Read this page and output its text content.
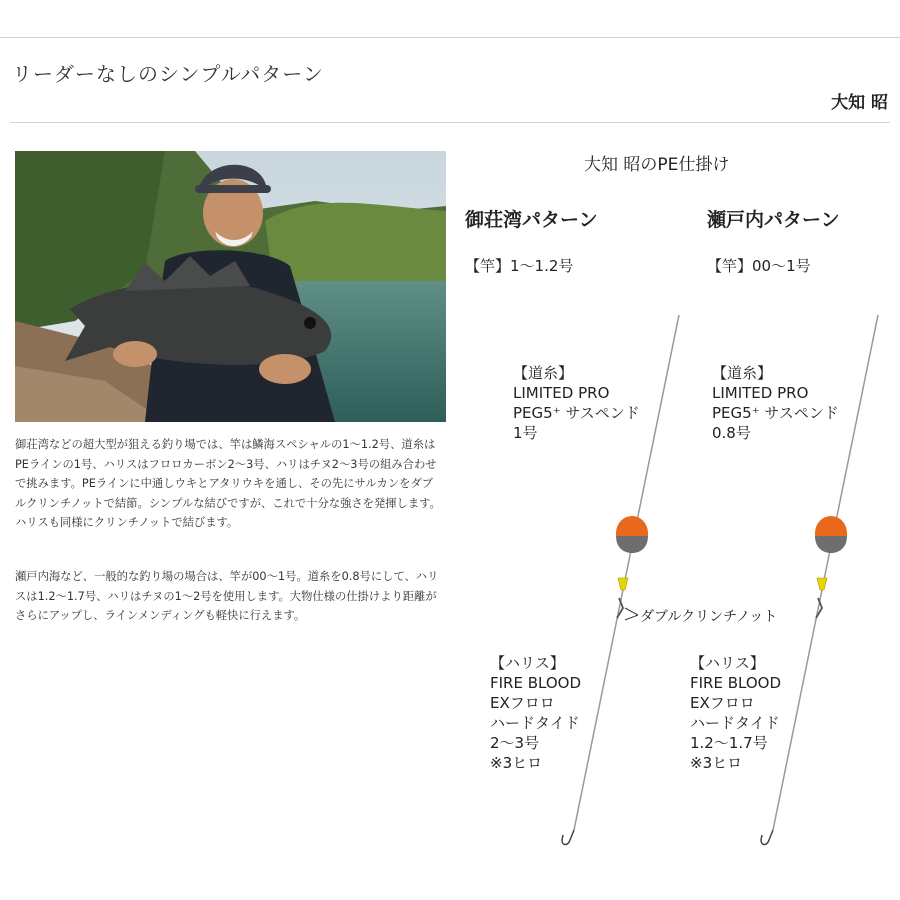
リーダーなしのシンプルパターン
大知 昭

御荘湾などの超大型が狙える釣り場では、竿は鱗海スペシャルの1〜1.2号、道糸はPEラインの1号、ハリスはフロロカーボン2〜3号、ハリはチヌ2〜3号の組み合わせで挑みます。PEラインに中通しウキとアタリウキを通し、その先にサルカンをダブルクリンチノットで結節。シンプルな結びですが、これで十分な強さを発揮します。ハリスも同様にクリンチノットで結びます。

瀬戸内海など、一般的な釣り場の場合は、竿が00〜1号。道糸を0.8号にして、ハリスは1.2〜1.7号、ハリはチヌの1〜2号を使用します。大物仕様の仕掛けより距離がさらにアップし、ラインメンディングも軽快に行えます。

大知 昭のPE仕掛け
御荘湾パターン	瀬戸内パターン
【竿】1〜1.2号	【竿】00〜1号
【道糸】
LIMITED PRO
PEG5⁺ サスペンド
1号
【道糸】
LIMITED PRO
PEG5⁺ サスペンド
0.8号
ダブルクリンチノット
【ハリス】
FIRE BLOOD
EXフロロ
ハードタイド
2〜3号
※3ヒロ
【ハリス】
FIRE BLOOD
EXフロロ
ハードタイド
1.2〜1.7号
※3ヒロ
